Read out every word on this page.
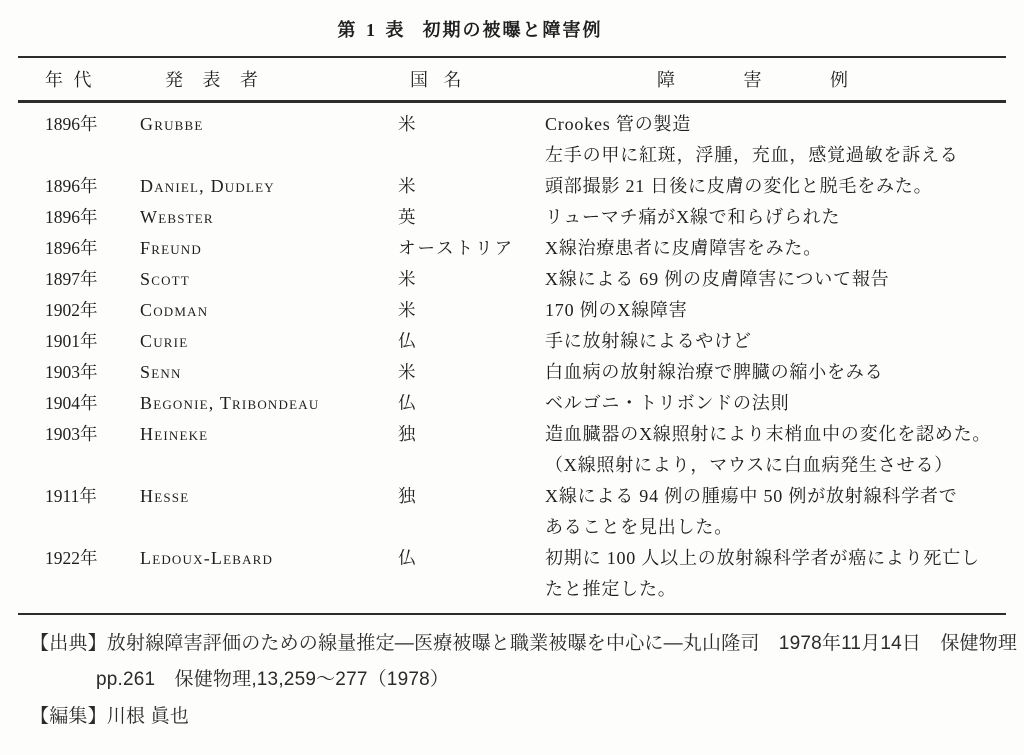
第 1 表 初期の被曝と障害例
年 代	発 表 者	国 名	障 害 例
1896年	Grubbe	米	Crookes 管の製造
左手の甲に紅斑，浮腫，充血，感覚過敏を訴える
1896年	Daniel, Dudley	米	頭部撮影 21 日後に皮膚の変化と脱毛をみた。
1896年	Webster	英	リューマチ痛がX線で和らげられた
1896年	Freund	オーストリア	X線治療患者に皮膚障害をみた。
1897年	Scott	米	X線による 69 例の皮膚障害について報告
1902年	Codman	米	170 例のX線障害
1901年	Curie	仏	手に放射線によるやけど
1903年	Senn	米	白血病の放射線治療で脾臓の縮小をみる
1904年	Begonie, Tribondeau	仏	ベルゴニ・トリボンドの法則
1903年	Heineke	独	造血臓器のX線照射により末梢血中の変化を認めた。
（X線照射により，マウスに白血病発生させる）
1911年	Hesse	独	X線による 94 例の腫瘍中 50 例が放射線科学者で
あることを見出した。
1922年	Ledoux-Lebard	仏	初期に 100 人以上の放射線科学者が癌により死亡し
たと推定した。
【出典】放射線障害評価のための線量推定―医療被曝と職業被曝を中心に―丸山隆司　1978年11月14日　保健物理
pp.261　保健物理,13,259～277（1978）
【編集】川根 眞也
